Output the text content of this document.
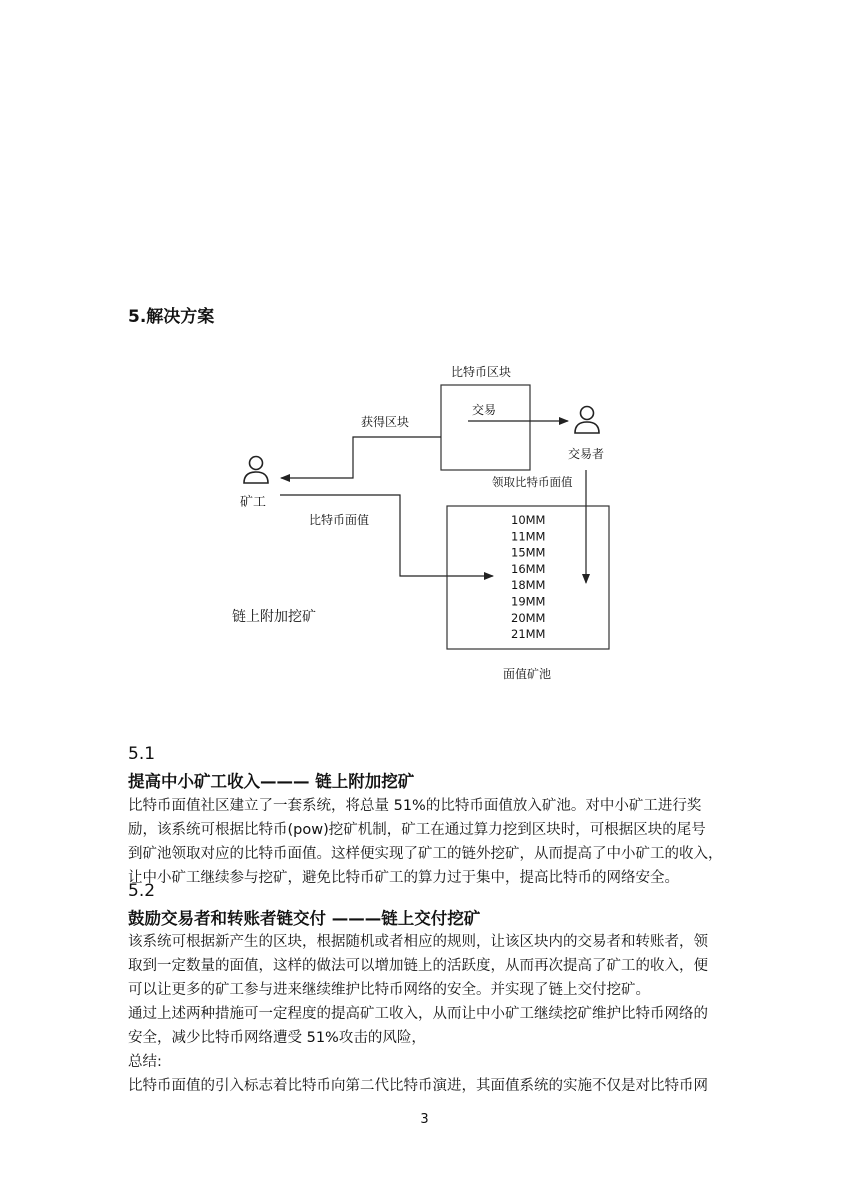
5.解决方案
比特币区块
交易
获得区块
交易者
矿工
领取比特币面值
比特币面值	10MM
11MM
15MM
16MM
18MM
19MM
20MM
21MM
面值矿池
链上附加挖矿
5.1
提高中小矿工收入——— 链上附加挖矿
比特币面值社区建立了一套系统，将总量 51%的比特币面值放入矿池。对中小矿工进行奖
励，该系统可根据比特币(pow)挖矿机制，矿工在通过算力挖到区块时，可根据区块的尾号
到矿池领取对应的比特币面值。这样便实现了矿工的链外挖矿，从而提高了中小矿工的收入，
让中小矿工继续参与挖矿，避免比特币矿工的算力过于集中，提高比特币的网络安全。
5.2
鼓励交易者和转账者链交付 ———链上交付挖矿
该系统可根据新产生的区块，根据随机或者相应的规则，让该区块内的交易者和转账者，领
取到一定数量的面值，这样的做法可以增加链上的活跃度，从而再次提高了矿工的收入，便
可以让更多的矿工参与进来继续维护比特币网络的安全。并实现了链上交付挖矿。
通过上述两种措施可一定程度的提高矿工收入，从而让中小矿工继续挖矿维护比特币网络的
安全，减少比特币网络遭受 51%攻击的风险，
总结:
比特币面值的引入标志着比特币向第二代比特币演进，其面值系统的实施不仅是对比特币网
3
